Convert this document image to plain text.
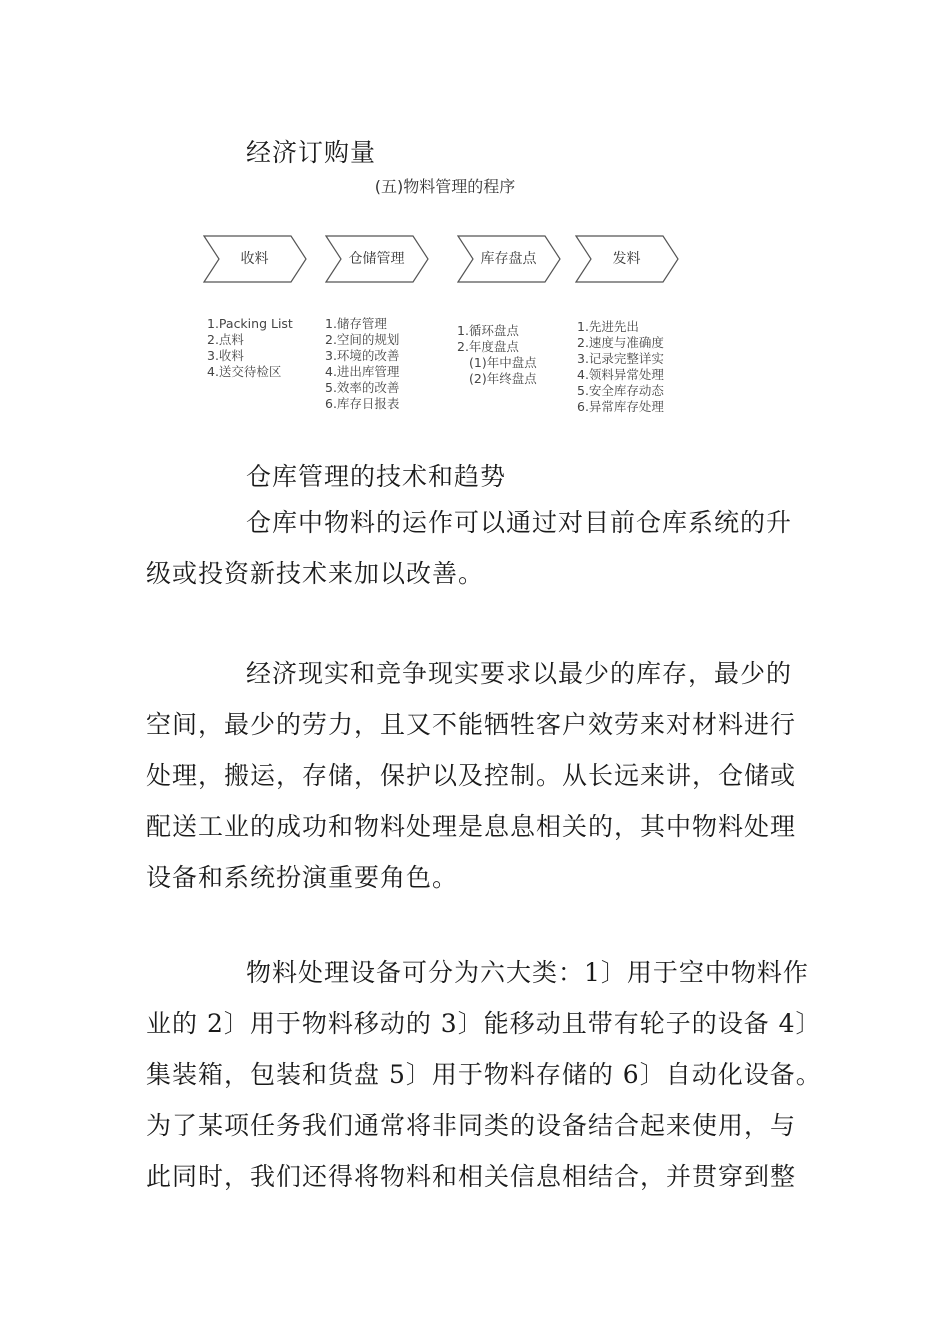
经济订购量
(五)物料管理的程序
收料	仓储管理	库存盘点	发料
1.Packing List
2.点料
3.收料
4.送交待检区
1.储存管理
2.空间的规划
3.环境的改善
4.进出库管理
5.效率的改善
6.库存日报表
1.循环盘点
2.年度盘点
(1)年中盘点
(2)年终盘点
1.先进先出
2.速度与准确度
3.记录完整详实
4.领料异常处理
5.安全库存动态
6.异常库存处理
仓库管理的技术和趋势

仓库中物料的运作可以通过对目前仓库系统的升
级或投资新技术来加以改善。

经济现实和竞争现实要求以最少的库存，最少的
空间，最少的劳力，且又不能牺牲客户效劳来对材料进行
处理，搬运，存储，保护以及控制。从长远来讲，仓储或
配送工业的成功和物料处理是息息相关的，其中物料处理
设备和系统扮演重要角色。

物料处理设备可分为六大类：1〕用于空中物料作
业的 2〕用于物料移动的 3〕能移动且带有轮子的设备 4〕
集装箱，包装和货盘 5〕用于物料存储的 6〕自动化设备。
为了某项任务我们通常将非同类的设备结合起来使用，与
此同时，我们还得将物料和相关信息相结合，并贯穿到整
